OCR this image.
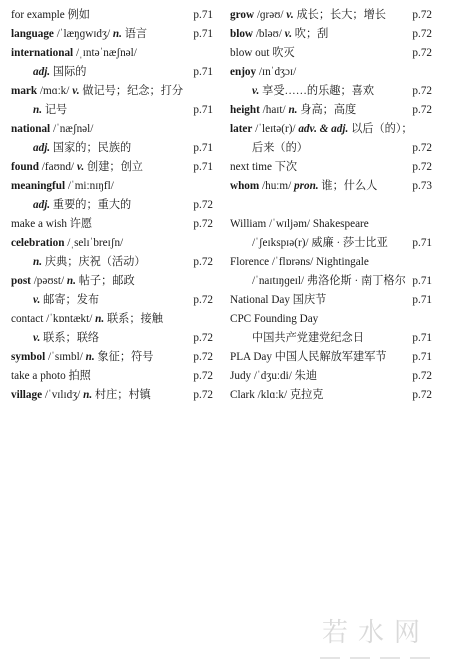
for example 例如	p.71
language /ˈlæŋɡwɪdʒ/ n. 语言	p.71
international /ˌɪntəˈnæʃnəl/
adj. 国际的	p.71
mark /mɑːk/ v. 做记号；纪念；打分
n. 记号	p.71
national /ˈnæʃnəl/
adj. 国家的；民族的	p.71
found /faʊnd/ v. 创建；创立	p.71
meaningful /ˈmiːnɪŋfl/
adj. 重要的；重大的	p.72
make a wish 许愿	p.72
celebration /ˌselɪˈbreɪʃn/
n. 庆典；庆祝（活动）	p.72
post /pəʊst/ n. 帖子；邮政
v. 邮寄；发布	p.72
contact /ˈkɒntækt/ n. 联系；接触
v. 联系；联络	p.72
symbol /ˈsɪmbl/ n. 象征；符号	p.72
take a photo 拍照	p.72
village /ˈvɪlɪdʒ/ n. 村庄；村镇	p.72
grow /ɡrəʊ/ v. 成长；长大；增长 p.72
blow /bləʊ/ v. 吹；刮	p.72
blow out 吹灭	p.72
enjoy /ɪnˈdʒɔɪ/
v. 享受……的乐趣；喜欢	p.72
height /haɪt/ n. 身高；高度	p.72
later /ˈleɪtə(r)/ adv. & adj. 以后（的）；
后来（的）	p.72
next time 下次	p.72
whom /huːm/ pron. 谁；什么人	p.73
William /ˈwɪljəm/ Shakespeare
/ˈʃeɪkspɪə(r)/ 威廉 · 莎士比亚 p.71
Florence /ˈflɒrəns/ Nightingale
/ˈnaɪtɪŋɡeɪl/ 弗洛伦斯 · 南丁格尔 p.71
National Day 国庆节	p.71
CPC Founding Day
中国共产党建党纪念日	p.71
PLA Day 中国人民解放军建军节 p.71
Judy /ˈdʒuːdi/ 朱迪	p.72
Clark /klɑːk/ 克拉克	p.72
若水网
